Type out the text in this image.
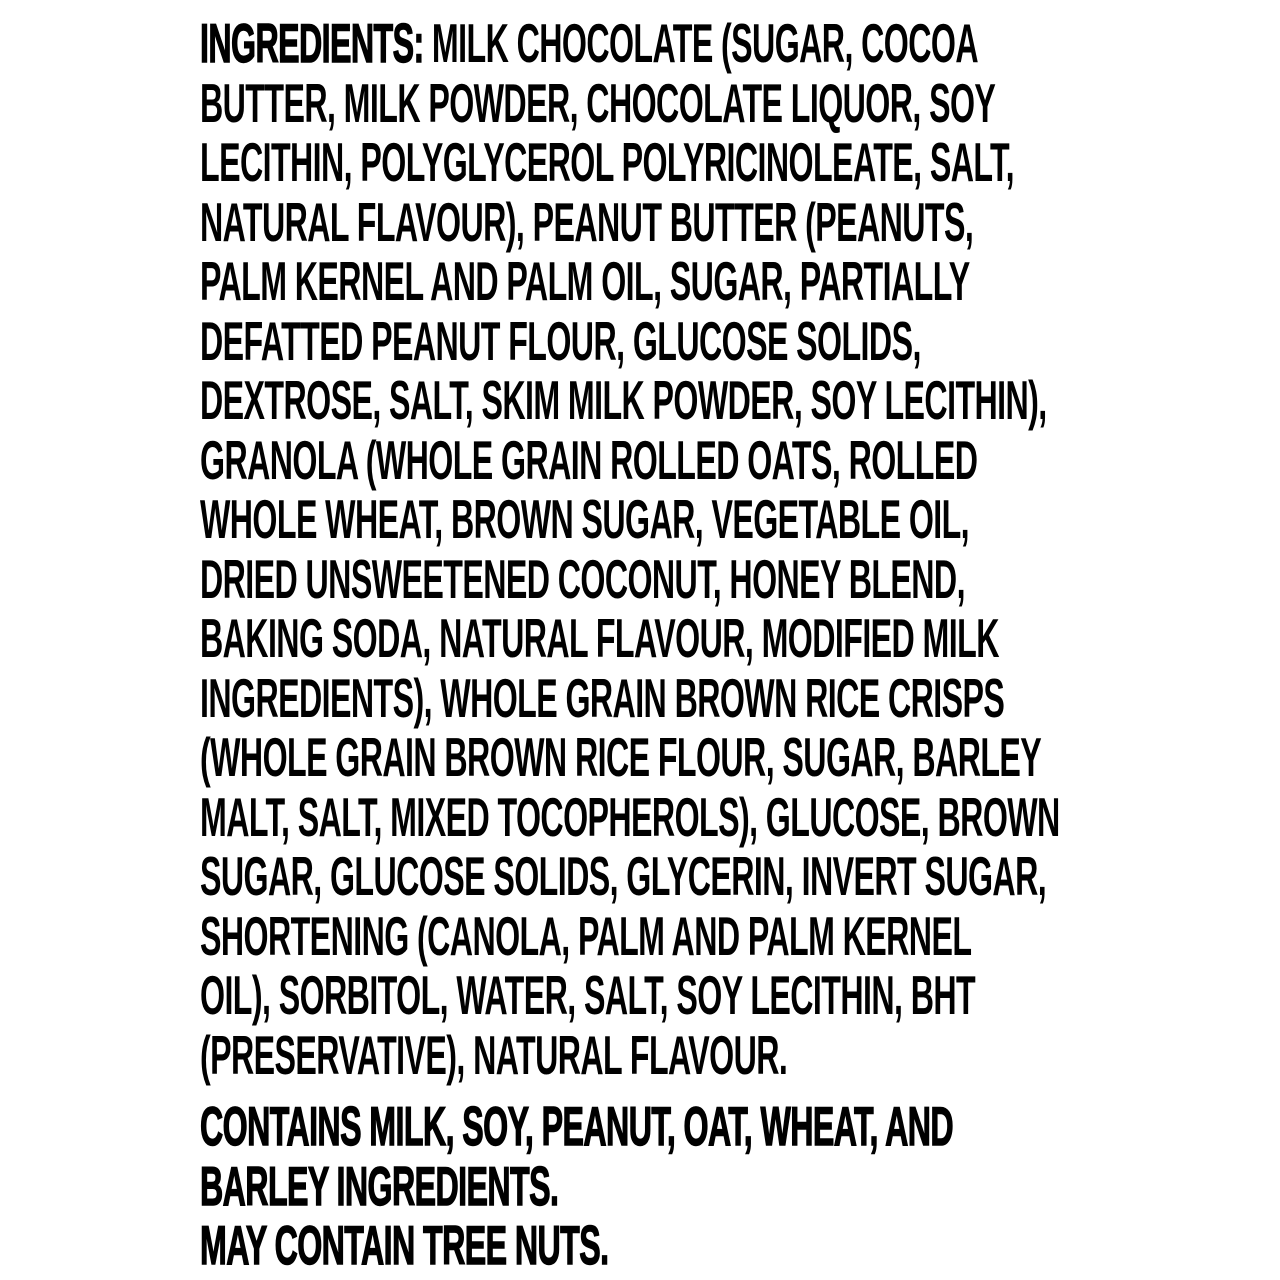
INGREDIENTS: MILK CHOCOLATE (SUGAR, COCOA
BUTTER, MILK POWDER, CHOCOLATE LIQUOR, SOY
LECITHIN, POLYGLYCEROL POLYRICINOLEATE, SALT,
NATURAL FLAVOUR), PEANUT BUTTER (PEANUTS,
PALM KERNEL AND PALM OIL, SUGAR, PARTIALLY
DEFATTED PEANUT FLOUR, GLUCOSE SOLIDS,
DEXTROSE, SALT, SKIM MILK POWDER, SOY LECITHIN),
GRANOLA (WHOLE GRAIN ROLLED OATS, ROLLED
WHOLE WHEAT, BROWN SUGAR, VEGETABLE OIL,
DRIED UNSWEETENED COCONUT, HONEY BLEND,
BAKING SODA, NATURAL FLAVOUR, MODIFIED MILK
INGREDIENTS), WHOLE GRAIN BROWN RICE CRISPS
(WHOLE GRAIN BROWN RICE FLOUR, SUGAR, BARLEY
MALT, SALT, MIXED TOCOPHEROLS), GLUCOSE, BROWN
SUGAR, GLUCOSE SOLIDS, GLYCERIN, INVERT SUGAR,
SHORTENING (CANOLA, PALM AND PALM KERNEL
OIL), SORBITOL, WATER, SALT, SOY LECITHIN, BHT
(PRESERVATIVE), NATURAL FLAVOUR.
CONTAINS MILK, SOY, PEANUT, OAT, WHEAT, AND
BARLEY INGREDIENTS.
MAY CONTAIN TREE NUTS.
